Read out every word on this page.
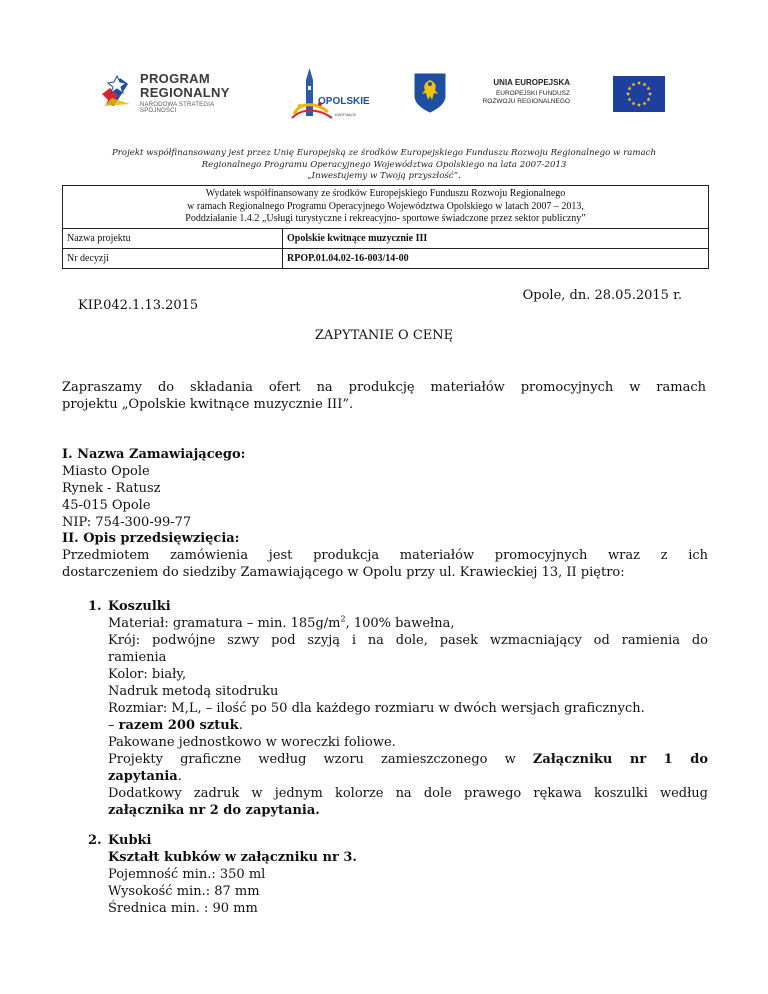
PROGRAM
REGIONALNY
NARODOWA STRATEGIA SPÓJNOŚCI
OPOLSKIE
KWITNĄCE
UNIA EUROPEJSKA
EUROPEJSKI FUNDUSZ
ROZWOJU REGIONALNEGO
Projekt współfinansowany jest przez Unię Europejską ze środków Europejskiego Funduszu Rozwoju Regionalnego w ramach
Regionalnego Programu Operacyjnego Województwa Opolskiego na lata 2007-2013
„Inwestujemy w Twoją przyszłość”.
Wydatek współfinansowany ze środków Europejskiego Funduszu Rozwoju Regionalnego
w ramach Regionalnego Programu Operacyjnego Województwa Opolskiego w latach 2007 – 2013,
Poddziałanie 1.4.2 „Usługi turystyczne i rekreacyjno- sportowe świadczone przez sektor publiczny”	

Nazwa projektu	Opolskie kwitnące muzycznie III
Nr decyzji	RPOP.01.04.02-16-003/14-00
Opole, dn. 28.05.2015 r.
KIP.042.1.13.2015
ZAPYTANIE O CENĘ
Zapraszamy do składania ofert na produkcję materiałów promocyjnych w ramach
projektu „Opolskie kwitnące muzycznie III”.
I. Nazwa Zamawiającego:
Miasto Opole
Rynek - Ratusz
45-015 Opole
NIP: 754-300-99-77
II. Opis przedsięwzięcia:
Przedmiotem zamówienia jest produkcja materiałów promocyjnych wraz z ich
dostarczeniem do siedziby Zamawiającego w Opolu przy ul. Krawieckiej 13, II piętro:
1. Koszulki
Materiał: gramatura – min. $185g/m^2$, 100% bawełna,
Krój: podwójne szwy pod szyją i na dole, pasek wzmacniający od ramienia do
ramienia
Kolor: biały,
Nadruk metodą sitodruku
Rozmiar: M,L, – ilość po 50 dla każdego rozmiaru w dwóch wersjach graficznych.
– razem 200 sztuk.
Pakowane jednostkowo w woreczki foliowe.
Projekty graficzne według wzoru zamieszczonego w Załączniku nr 1 do
zapytania.
Dodatkowy zadruk w jednym kolorze na dole prawego rękawa koszulki według
załącznika nr 2 do zapytania.
2. Kubki
Kształt kubków w załączniku nr 3.
Pojemność min.: 350 ml
Wysokość min.: 87 mm
Średnica min. : 90 mm
